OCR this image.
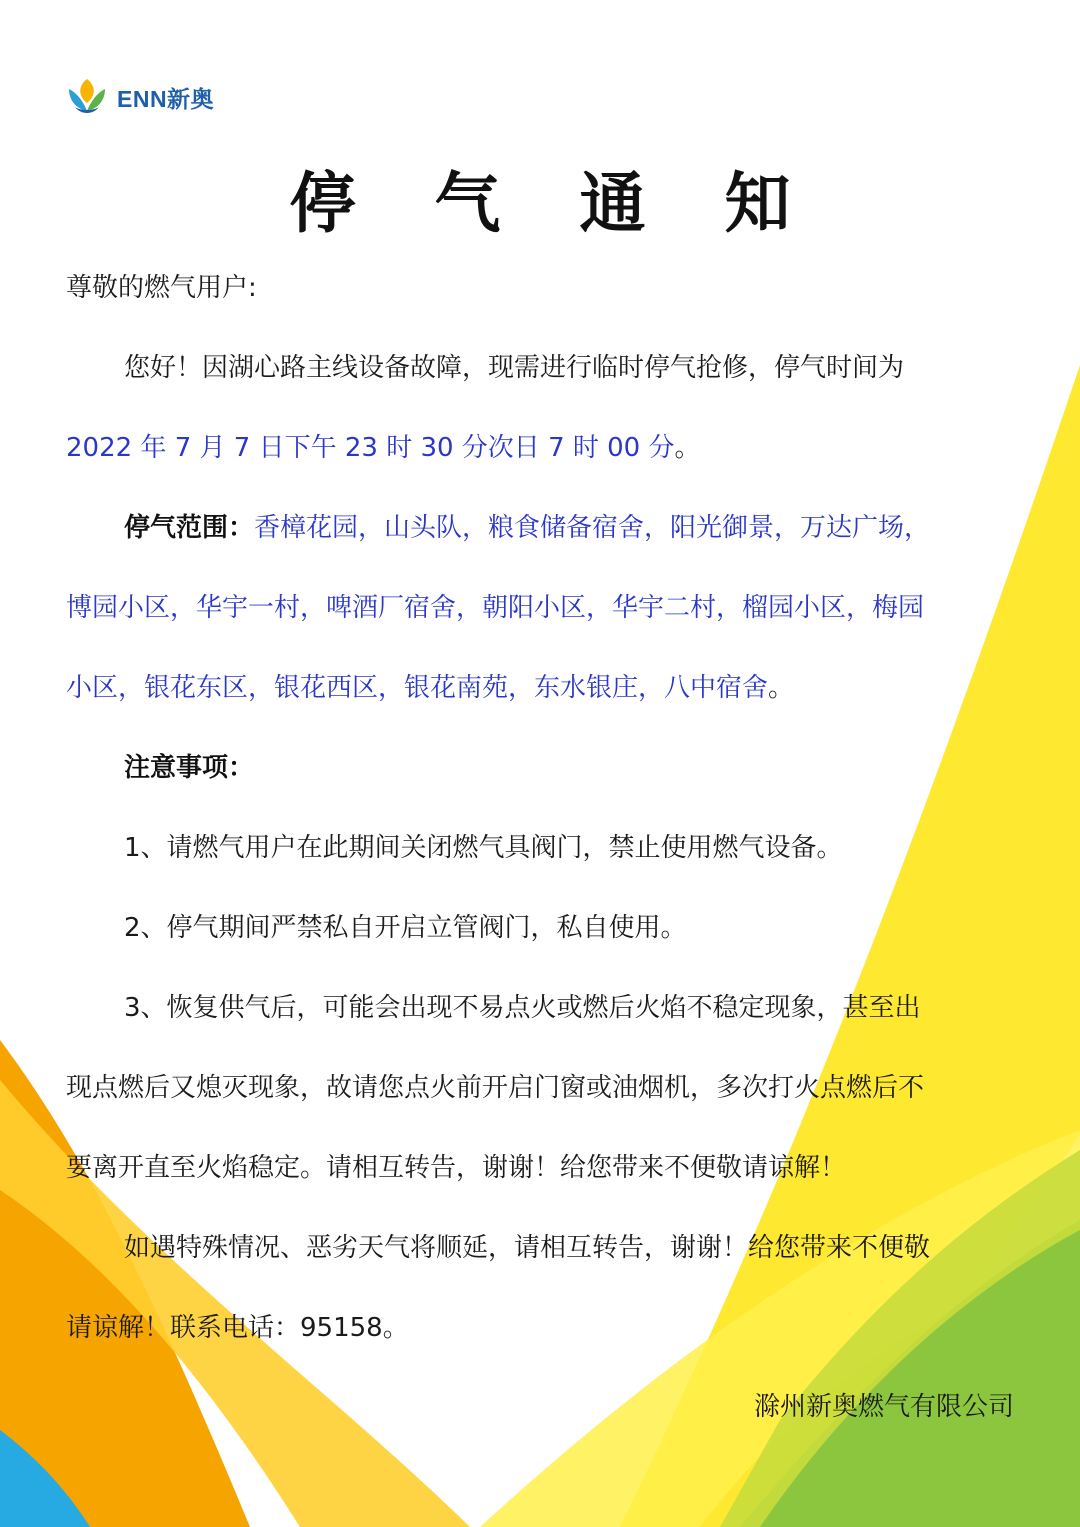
ENN新奥
停 气 通 知
尊敬的燃气用户:
您好！因湖心路主线设备故障，现需进行临时停气抢修，停气时间为
2022 年 7 月 7 日下午 23 时 30 分次日 7 时 00 分。
停气范围：香樟花园，山头队，粮食储备宿舍，阳光御景，万达广场，
博园小区，华宇一村，啤酒厂宿舍，朝阳小区，华宇二村，榴园小区，梅园
小区，银花东区，银花西区，银花南苑，东水银庄，八中宿舍。
注意事项：
1、请燃气用户在此期间关闭燃气具阀门，禁止使用燃气设备。
2、停气期间严禁私自开启立管阀门，私自使用。
3、恢复供气后，可能会出现不易点火或燃后火焰不稳定现象，甚至出
现点燃后又熄灭现象，故请您点火前开启门窗或油烟机，多次打火点燃后不
要离开直至火焰稳定。请相互转告，谢谢！给您带来不便敬请谅解！
如遇特殊情况、恶劣天气将顺延，请相互转告，谢谢！给您带来不便敬
请谅解！联系电话：95158。
滁州新奥燃气有限公司
